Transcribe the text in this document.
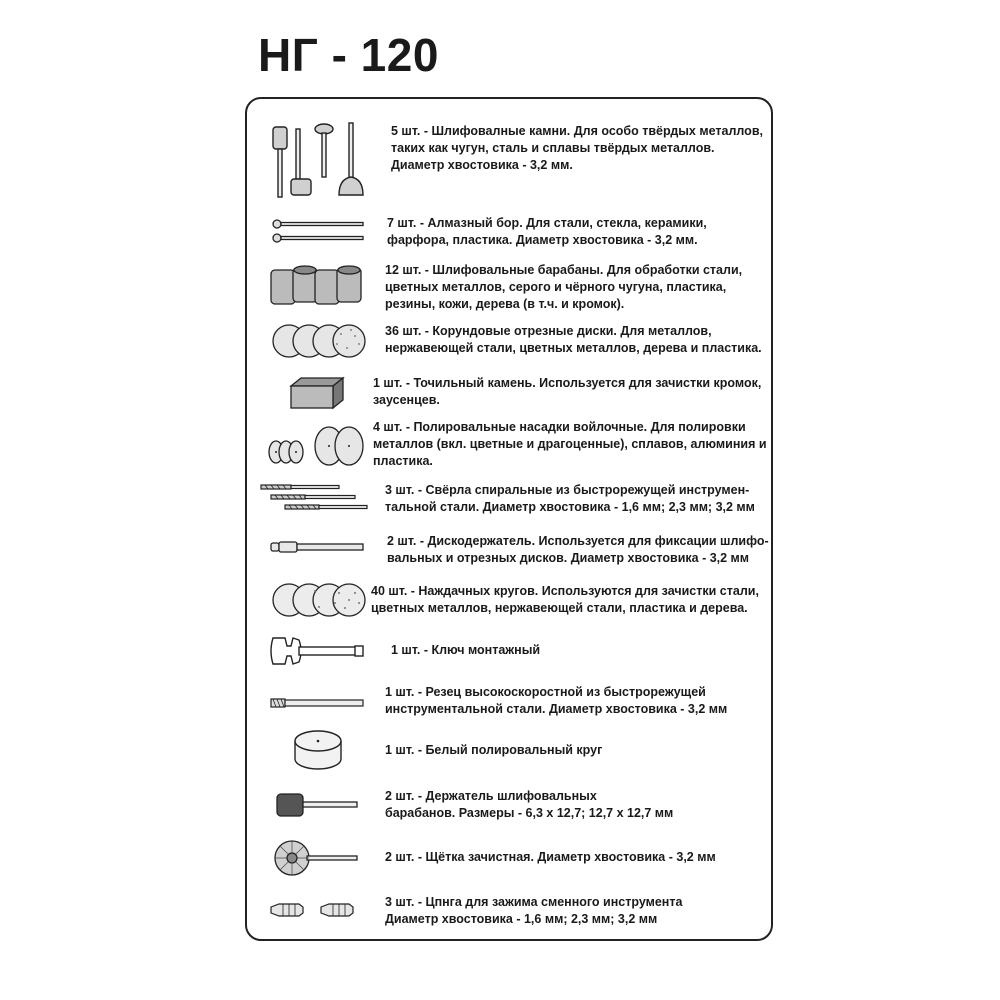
НГ - 120
5 шт. - Шлифовалные камни. Для особо твёрдых металлов,
таких как чугун, сталь и сплавы твёрдых металлов.
Диаметр хвостовика - 3,2 мм.
7 шт. - Алмазный бор. Для стали, стекла, керамики,
фарфора, пластика. Диаметр хвостовика - 3,2 мм.
12 шт. - Шлифовальные барабаны. Для обработки стали,
цветных металлов, серого и чёрного чугуна, пластика,
резины, кожи, дерева (в т.ч. и кромок).
36 шт. - Корундовые отрезные диски. Для металлов,
нержавеющей стали, цветных металлов, дерева и пластика.
1 шт. - Точильный камень. Используется для зачистки кромок,
заусенцев.
4 шт. - Полировальные насадки войлочные. Для полировки
металлов (вкл. цветные и драгоценные), сплавов, алюминия и
пластика.
3 шт. - Свёрла спиральные из быстрорежущей инструмен-
тальной стали. Диаметр хвостовика - 1,6 мм; 2,3 мм; 3,2 мм
2 шт. - Дискодержатель. Используется для фиксации шлифо-
вальных и отрезных дисков. Диаметр хвостовика - 3,2 мм
40 шт. - Наждачных кругов. Используются для зачистки стали,
цветных металлов, нержавеющей стали, пластика и дерева.
1 шт. - Ключ монтажный
1 шт. - Резец высокоскоростной из быстрорежущей
инструментальной стали. Диаметр хвостовика - 3,2 мм
1 шт. - Белый полировальный круг
2 шт. - Держатель шлифовальных
барабанов. Размеры - 6,3 х 12,7; 12,7 х 12,7 мм
2 шт. - Щётка зачистная. Диаметр хвостовика - 3,2 мм
3 шт. - Цпнга для зажима сменного инструмента
Диаметр хвостовика - 1,6 мм; 2,3 мм; 3,2 мм
